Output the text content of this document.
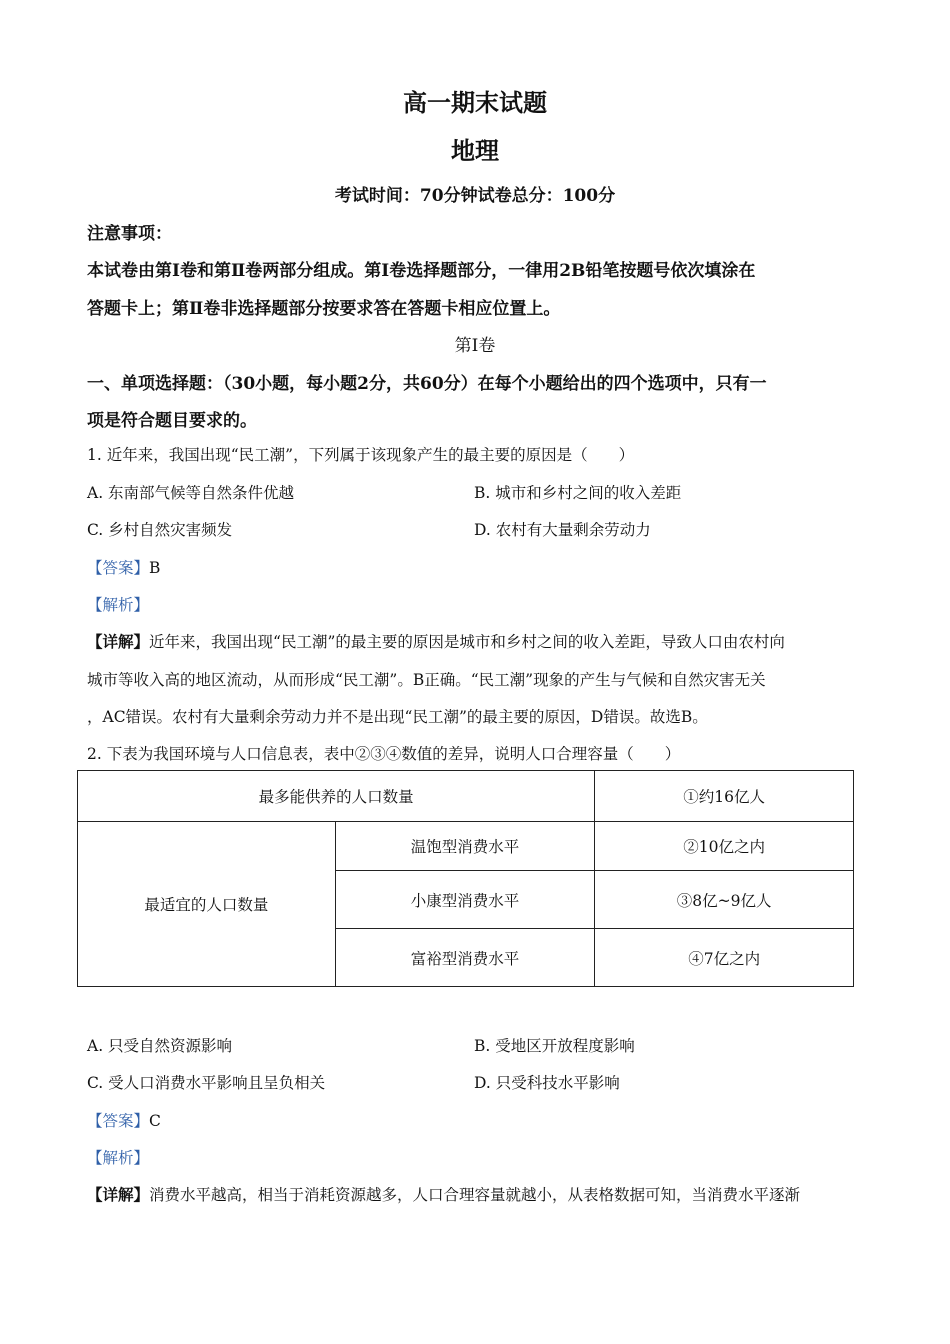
高一期末试题
地理
考试时间：70分钟试卷总分：100分
注意事项：
本试卷由第Ⅰ卷和第Ⅱ卷两部分组成。第Ⅰ卷选择题部分，一律用2B铅笔按题号依次填涂在
答题卡上；第Ⅱ卷非选择题部分按要求答在答题卡相应位置上。
第Ⅰ卷
一、单项选择题：（30小题，每小题2分，共60分）在每个小题给出的四个选项中，只有一
项是符合题目要求的。
1. 近年来，我国出现“民工潮”，下列属于该现象产生的最主要的原因是（　　）
A. 东南部气候等自然条件优越	B. 城市和乡村之间的收入差距
C. 乡村自然灾害频发	D. 农村有大量剩余劳动力
【答案】B
【解析】
【详解】近年来，我国出现“民工潮”的最主要的原因是城市和乡村之间的收入差距，导致人口由农村向
城市等收入高的地区流动，从而形成“民工潮”。B正确。“民工潮”现象的产生与气候和自然灾害无关
，AC错误。农村有大量剩余劳动力并不是出现“民工潮”的最主要的原因，D错误。故选B。
2. 下表为我国环境与人口信息表，表中②③④数值的差异，说明人口合理容量（　　）
最多能供养的人口数量		①约16亿人
最适宜的人口数量	温饱型消费水平	②10亿之内
	小康型消费水平	③8亿~9亿人
	富裕型消费水平	④7亿之内
A. 只受自然资源影响	B. 受地区开放程度影响
C. 受人口消费水平影响且呈负相关	D. 只受科技水平影响
【答案】C
【解析】
【详解】消费水平越高，相当于消耗资源越多，人口合理容量就越小，从表格数据可知，当消费水平逐渐
